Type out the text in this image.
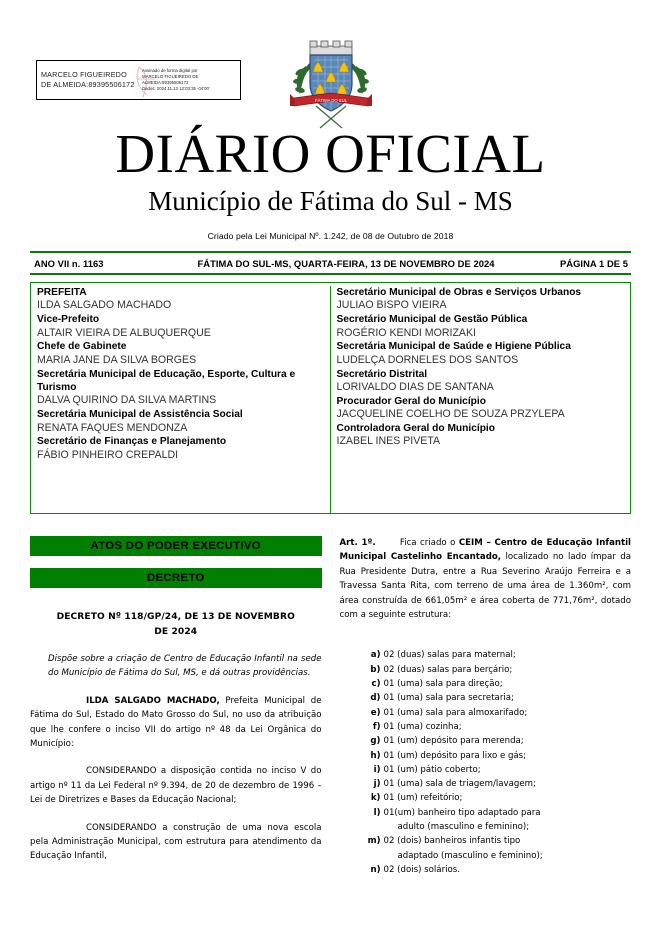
MARCELO FIGUEIREDO DE ALMEIDA:89395506172
Assinado de forma digital por
MARCELO FIGUEIREDO DE
ALMEIDA:89395506172
Dados: 2024.11.13 12:03:35 -04'00'
FÁTIMA DO SUL
DIÁRIO OFICIAL
Município de Fátima do Sul - MS
Criado pela Lei Municipal Nº. 1.242, de 08 de Outubro de 2018
ANO VII n. 1163	FÁTIMA DO SUL-MS, QUARTA-FEIRA, 13 DE NOVEMBRO DE 2024	PÁGINA 1 DE 5
PREFEITA
ILDA SALGADO MACHADO
Vice-Prefeito
ALTAIR VIEIRA DE ALBUQUERQUE
Chefe de Gabinete
MARIA JANE DA SILVA BORGES
Secretária Municipal de Educação, Esporte, Cultura e Turismo
DALVA QUIRINO DA SILVA MARTINS
Secretária Municipal de Assistência Social
RENATA FAQUES MENDONZA
Secretário de Finanças e Planejamento
FÁBIO PINHEIRO CREPALDI
Secretário Municipal de Obras e Serviços Urbanos
JULIAO BISPO VIEIRA
Secretário Municipal de Gestão Pública
ROGÉRIO KENDI MORIZAKI
Secretária Municipal de Saúde e Higiene Pública
LUDELÇA DORNELES DOS SANTOS
Secretário Distrital
LORIVALDO DIAS DE SANTANA
Procurador Geral do Município
JACQUELINE COELHO DE SOUZA PRZYLEPA
Controladora Geral do Município
IZABEL INES PIVETA
ATOS DO PODER EXECUTIVO
DECRETO
DECRETO Nº 118/GP/24, DE 13 DE NOVEMBRO
DE 2024
Dispõe sobre a criação de Centro de Educação Infantil na sede do Município de Fátima do Sul, MS, e dá outras providências.
ILDA SALGADO MACHADO, Prefeita Municipal de Fátima do Sul, Estado do Mato Grosso do Sul, no uso da atribuição que lhe confere o inciso VII do artigo nº 48 da Lei Orgânica do Município:
CONSIDERANDO a disposição contida no inciso V do artigo nº 11 da Lei Federal nº 9.394, de 20 de dezembro de 1996 – Lei de Diretrizes e Bases da Educação Nacional;
CONSIDERANDO a construção de uma nova escola pela Administração Municipal, com estrutura para atendimento da Educação Infantil,
Art. 1º.	Fica criado o CEIM – Centro de Educação Infantil Municipal Castelinho Encantado, localizado no lado ímpar da Rua Presidente Dutra, entre a Rua Severino Araújo Ferreira e a Travessa Santa Rita, com terreno de uma área de 1.360m², com área construída de 661,05m² e área coberta de 771,76m², dotado com a seguinte estrutura:
a) 02 (duas) salas para maternal;
b) 02 (duas) salas para berçário;
c) 01 (uma) sala para direção;
d) 01 (uma) sala para secretaria;
e) 01 (uma) sala para almoxarifado;
f) 01 (uma) cozinha;
g) 01 (um) depósito para merenda;
h) 01 (um) depósito para lixo e gás;
i) 01 (um) pátio coberto;
j) 01 (uma) sala de triagem/lavagem;
k) 01 (um) refeitório;
l) 01(um) banheiro tipo adaptado para
adulto (masculino e feminino);
m) 02 (dois) banheiros infantis tipo
adaptado (masculino e feminino);
n) 02 (dois) solários.
